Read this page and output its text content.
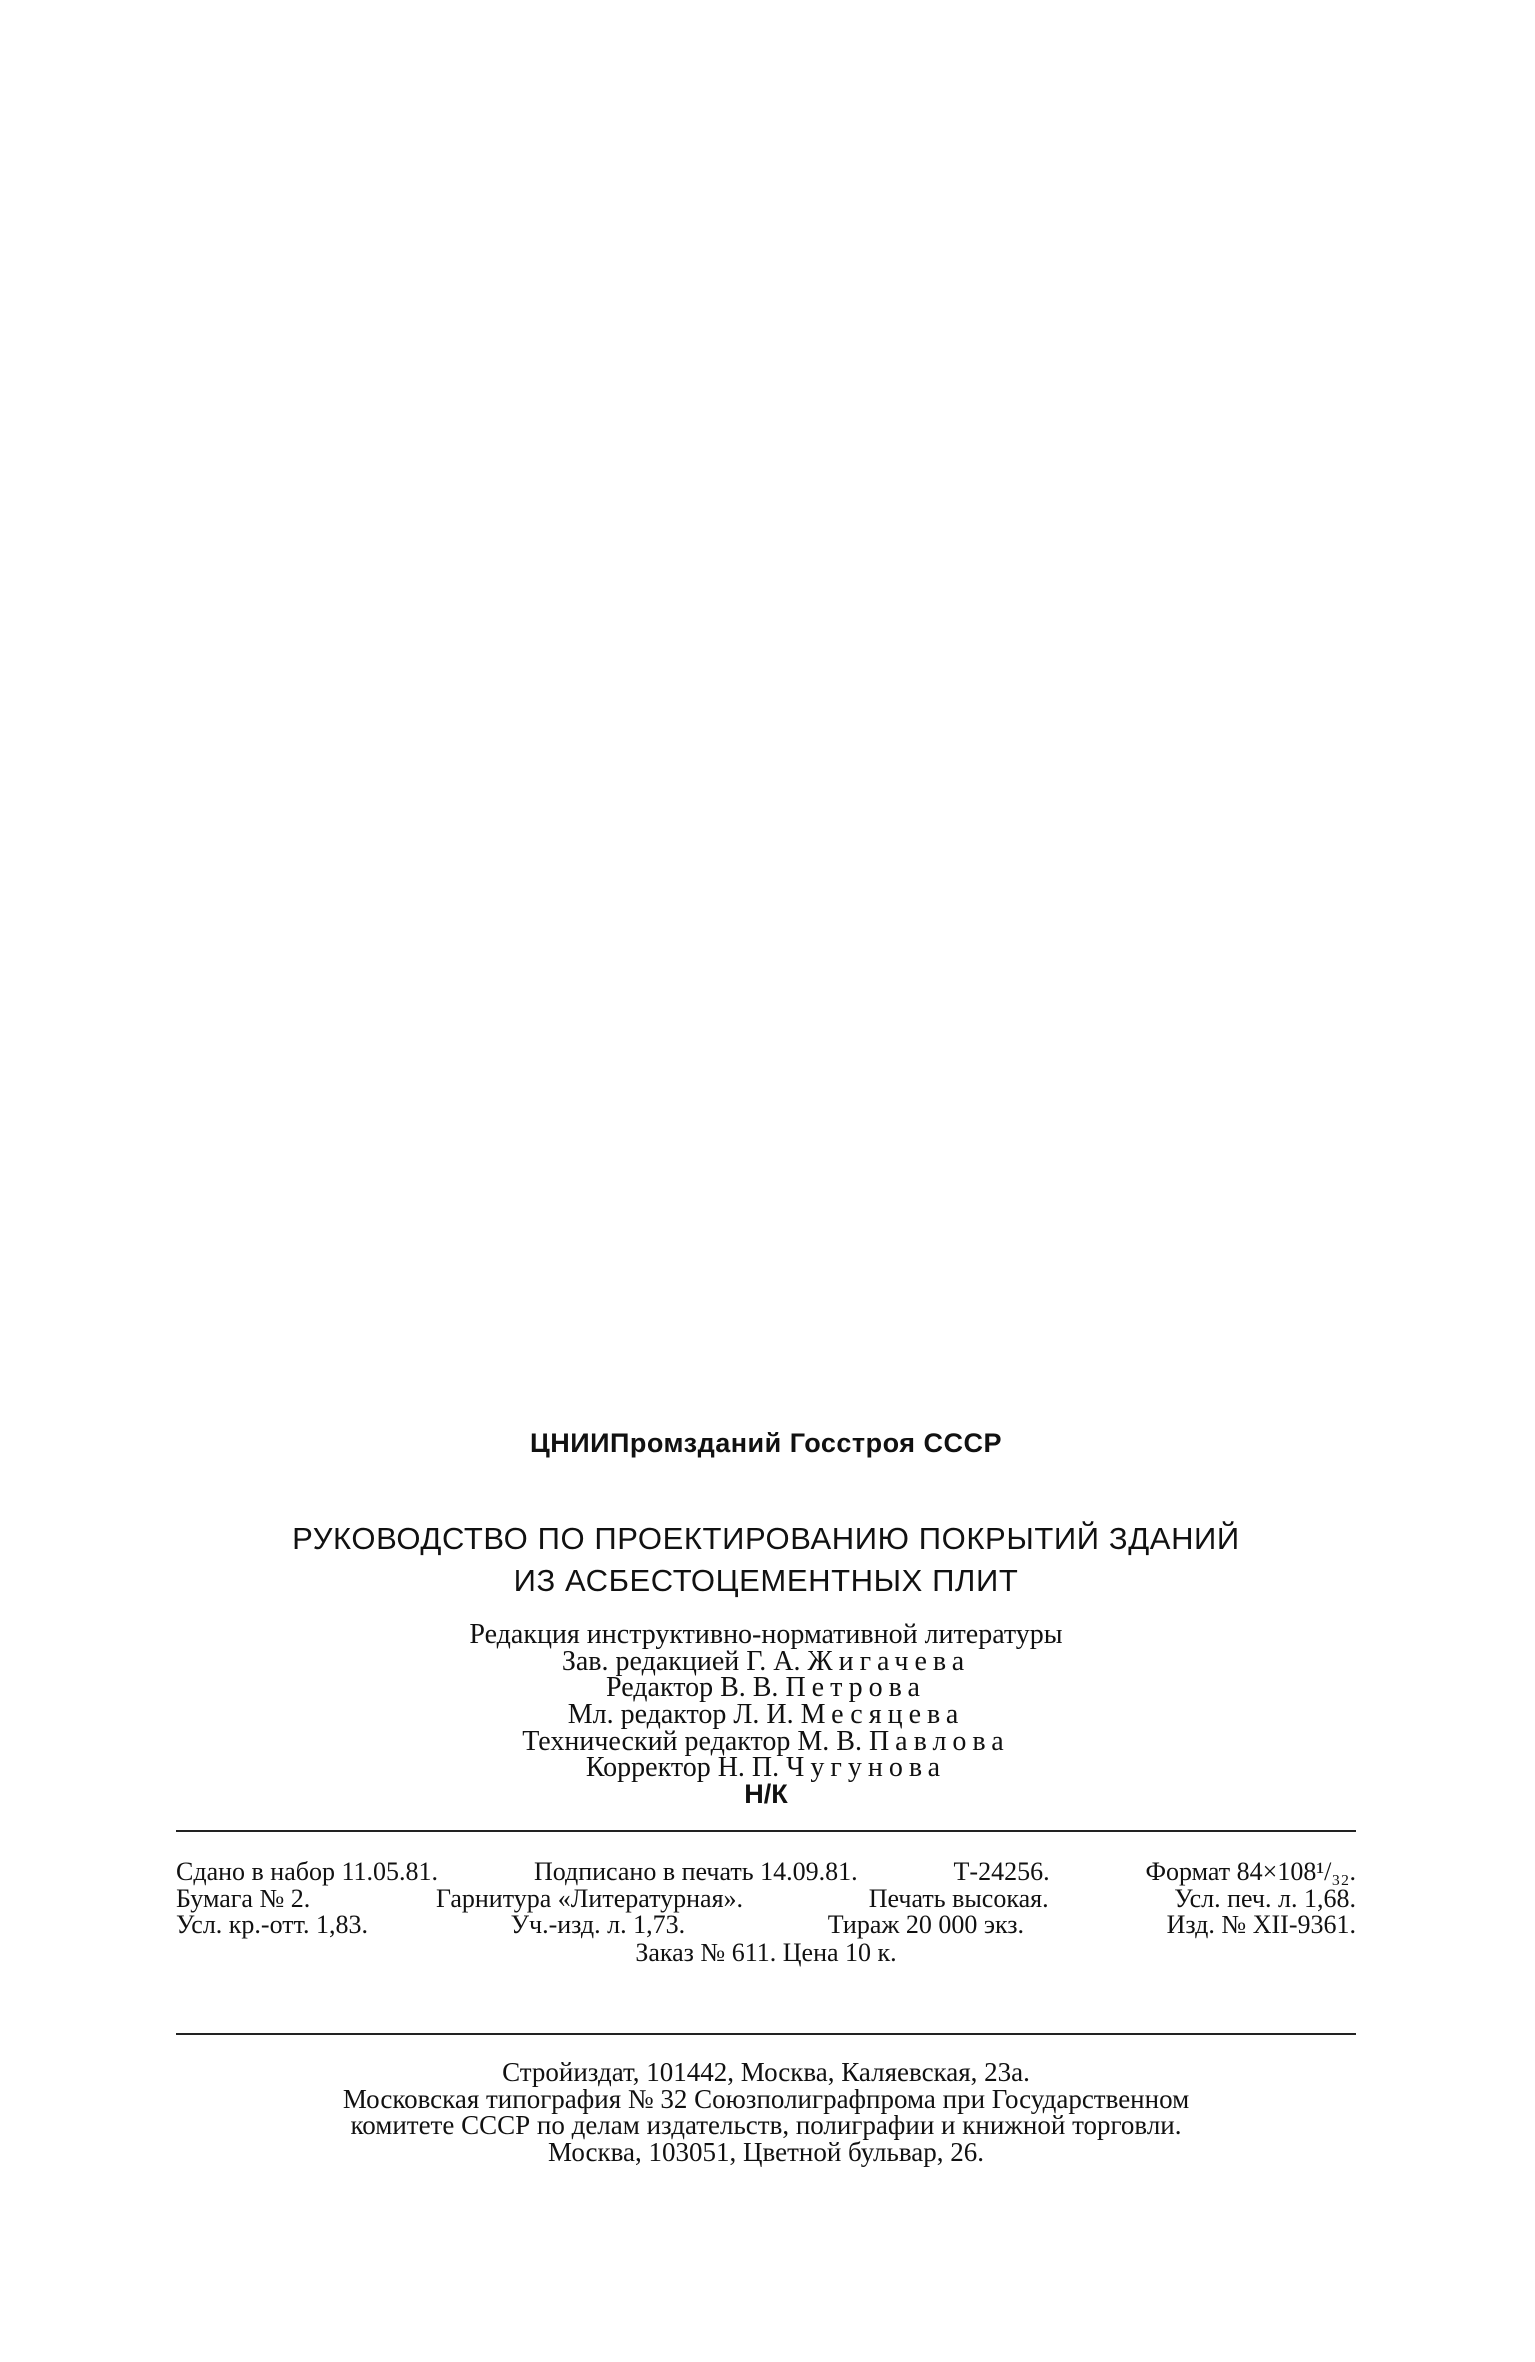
ЦНИИПромзданий Госстроя СССР
РУКОВОДСТВО ПО ПРОЕКТИРОВАНИЮ ПОКРЫТИЙ ЗДАНИЙ
ИЗ АСБЕСТОЦЕМЕНТНЫХ ПЛИТ
Редакция инструктивно-нормативной литературы
Зав. редакцией Г. А. Жигачева
Редактор В. В. Петрова
Мл. редактор Л. И. Месяцева
Технический редактор М. В. Павлова
Корректор Н. П. Чугунова
Н/К
Сдано в набор 11.05.81.	Подписано в печать 14.09.81.	Т-24256.	Формат 84×108¹/₃₂.
Бумага № 2.	Гарнитура «Литературная».	Печать высокая.	Усл. печ. л. 1,68.
Усл. кр.-отт. 1,83.	Уч.-изд. л. 1,73.	Тираж 20 000 экз.	Изд. № XII-9361.
Заказ № 611. Цена 10 к.
Стройиздат, 101442, Москва, Каляевская, 23а.
Московская типография № 32 Союзполиграфпрома при Государственном
комитете СССР по делам издательств, полиграфии и книжной торговли.
Москва, 103051, Цветной бульвар, 26.
